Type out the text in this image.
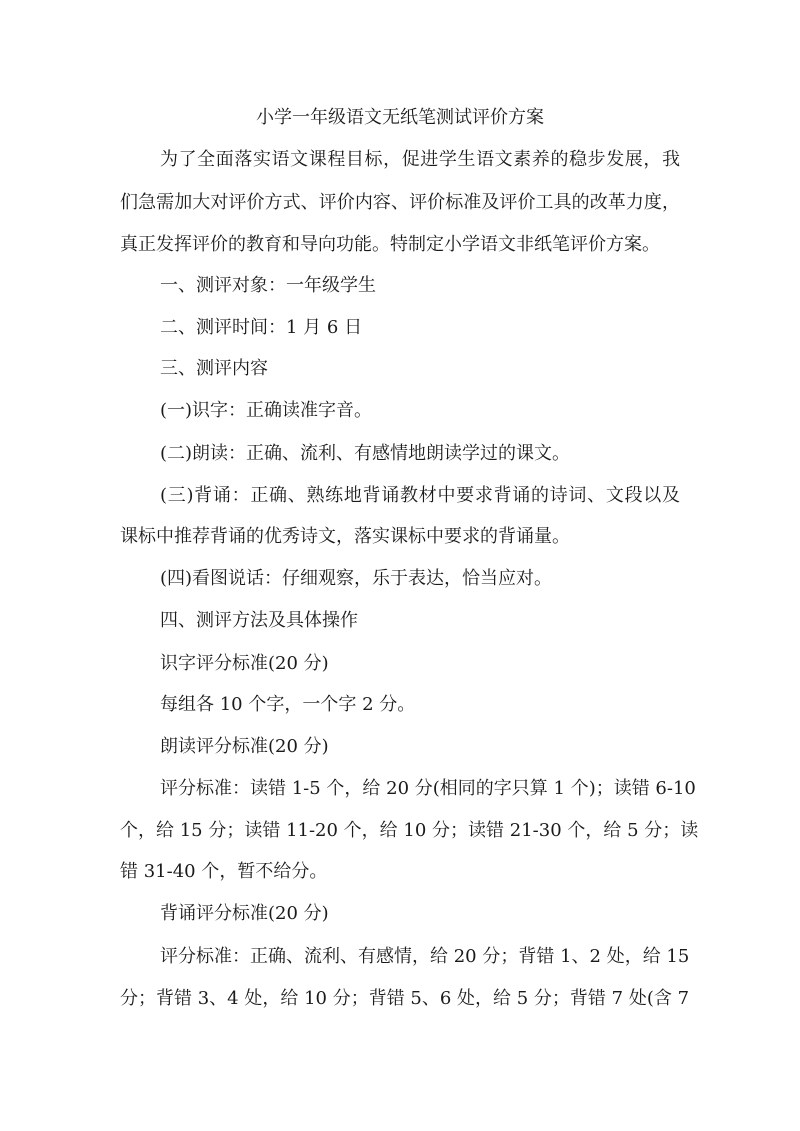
小学一年级语文无纸笔测试评价方案
为了全面落实语文课程目标，促进学生语文素养的稳步发展，我
们急需加大对评价方式、评价内容、评价标准及评价工具的改革力度，
真正发挥评价的教育和导向功能。特制定小学语文非纸笔评价方案。
一、测评对象：一年级学生
二、测评时间：1 月 6 日
三、测评内容
(一)识字：正确读准字音。
(二)朗读：正确、流利、有感情地朗读学过的课文。
(三)背诵：正确、熟练地背诵教材中要求背诵的诗词、文段以及
课标中推荐背诵的优秀诗文，落实课标中要求的背诵量。
(四)看图说话：仔细观察，乐于表达，恰当应对。
四、测评方法及具体操作
识字评分标准(20 分)
每组各 10 个字，一个字 2 分。
朗读评分标准(20 分)
评分标准：读错 1-5 个，给 20 分(相同的字只算 1 个)；读错 6-10
个，给 15 分；读错 11-20 个，给 10 分；读错 21-30 个，给 5 分；读
错 31-40 个，暂不给分。
背诵评分标准(20 分)
评分标准：正确、流利、有感情，给 20 分；背错 1、2 处，给 15
分；背错 3、4 处，给 10 分；背错 5、6 处，给 5 分；背错 7 处(含 7
